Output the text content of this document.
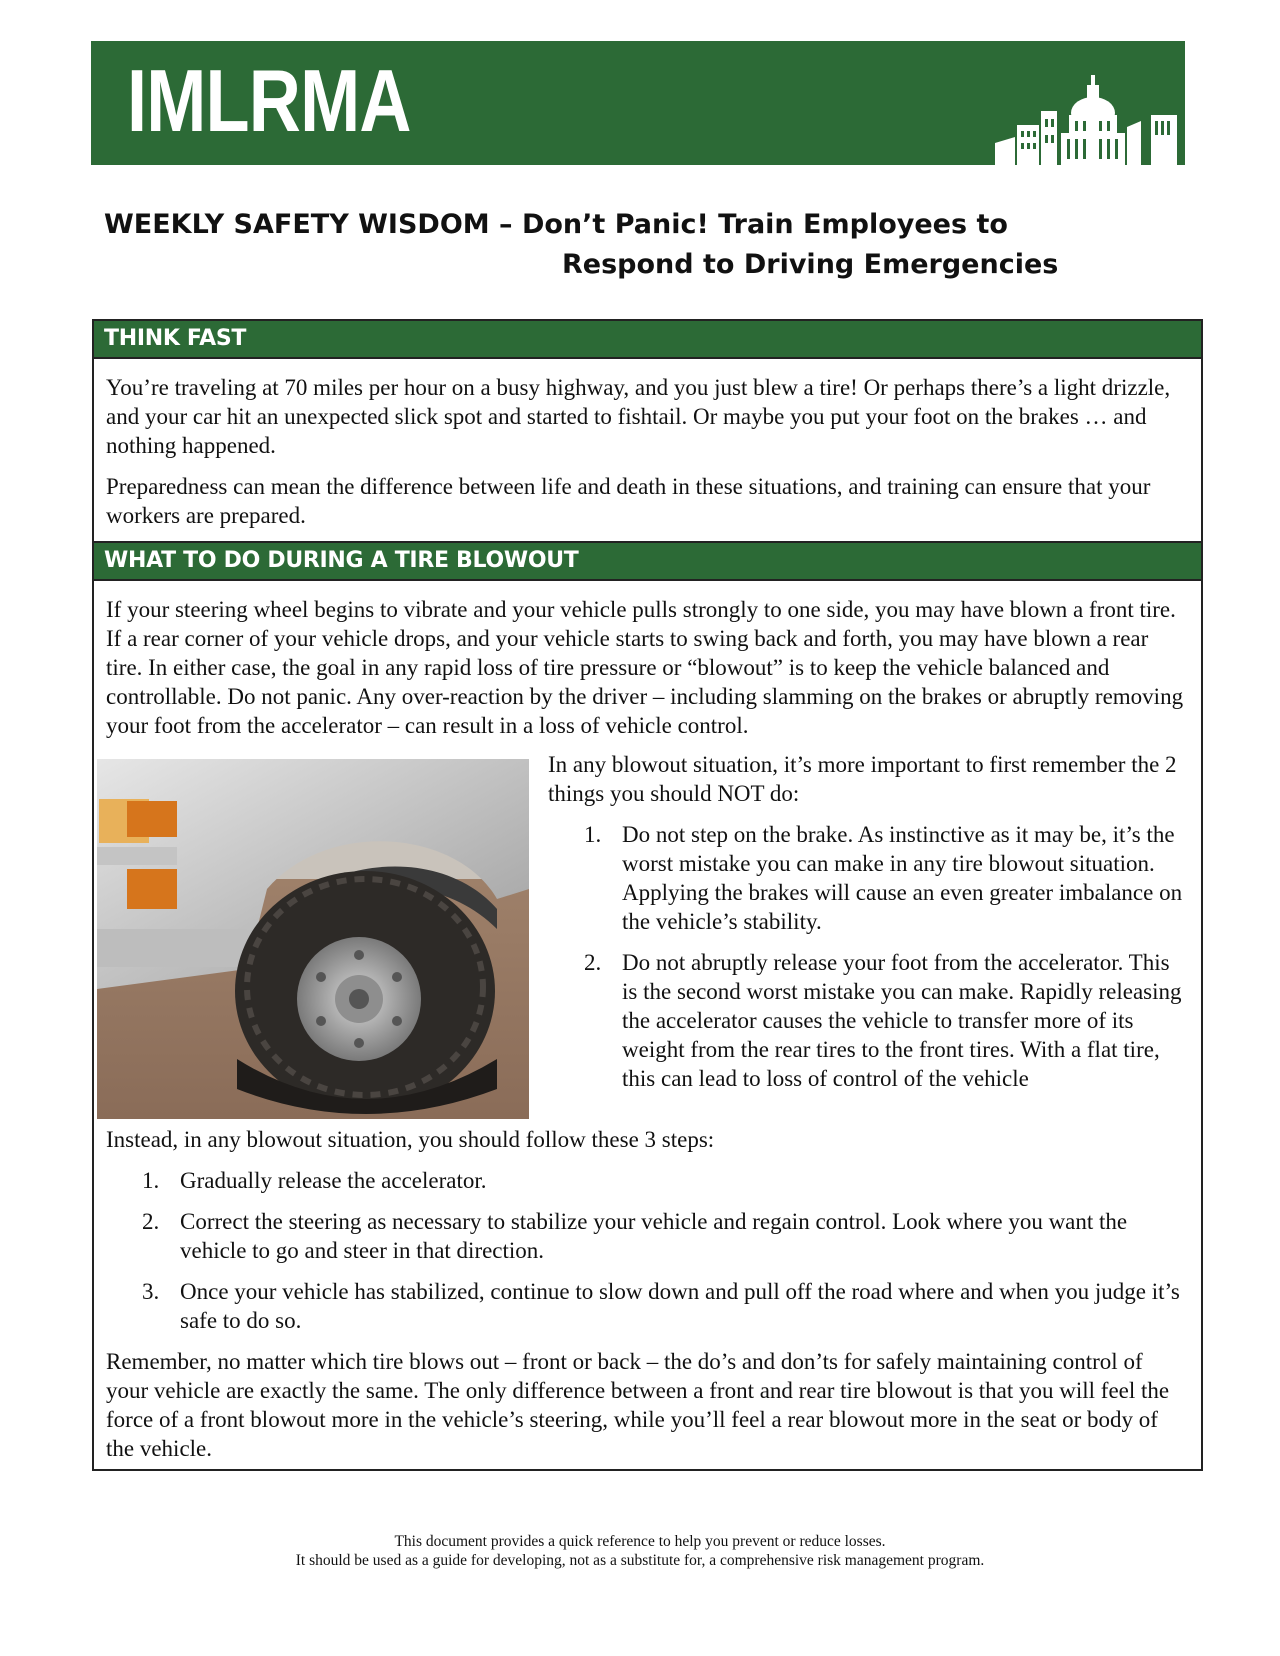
IMLRMA
WEEKLY SAFETY WISDOM – Don’t Panic! Train Employees to
Respond to Driving Emergencies
THINK FAST

You’re traveling at 70 miles per hour on a busy highway, and you just blew a tire! Or perhaps there’s a light drizzle, and your car hit an unexpected slick spot and started to fishtail. Or maybe you put your foot on the brakes … and nothing happened.

Preparedness can mean the difference between life and death in these situations, and training can ensure that your workers are prepared.

WHAT TO DO DURING A TIRE BLOWOUT

If your steering wheel begins to vibrate and your vehicle pulls strongly to one side, you may have blown a front tire. If a rear corner of your vehicle drops, and your vehicle starts to swing back and forth, you may have blown a rear tire. In either case, the goal in any rapid loss of tire pressure or “blowout” is to keep the vehicle balanced and controllable. Do not panic. Any over-reaction by the driver – including slamming on the brakes or abruptly removing your foot from the accelerator – can result in a loss of vehicle control.

In any blowout situation, it’s more important to first remember the 2 things you should NOT do:

1. Do not step on the brake. As instinctive as it may be, it’s the worst mistake you can make in any tire blowout situation. Applying the brakes will cause an even greater imbalance on the vehicle’s stability.
2. Do not abruptly release your foot from the accelerator. This is the second worst mistake you can make. Rapidly releasing the accelerator causes the vehicle to transfer more of its weight from the rear tires to the front tires. With a flat tire, this can lead to loss of control of the vehicle

Instead, in any blowout situation, you should follow these 3 steps:

1. Gradually release the accelerator.
2. Correct the steering as necessary to stabilize your vehicle and regain control. Look where you want the vehicle to go and steer in that direction.
3. Once your vehicle has stabilized, continue to slow down and pull off the road where and when you judge it’s safe to do so.

Remember, no matter which tire blows out – front or back – the do’s and don’ts for safely maintaining control of your vehicle are exactly the same. The only difference between a front and rear tire blowout is that you will feel the force of a front blowout more in the vehicle’s steering, while you’ll feel a rear blowout more in the seat or body of the vehicle.

This document provides a quick reference to help you prevent or reduce losses.
It should be used as a guide for developing, not as a substitute for, a comprehensive risk management program.
